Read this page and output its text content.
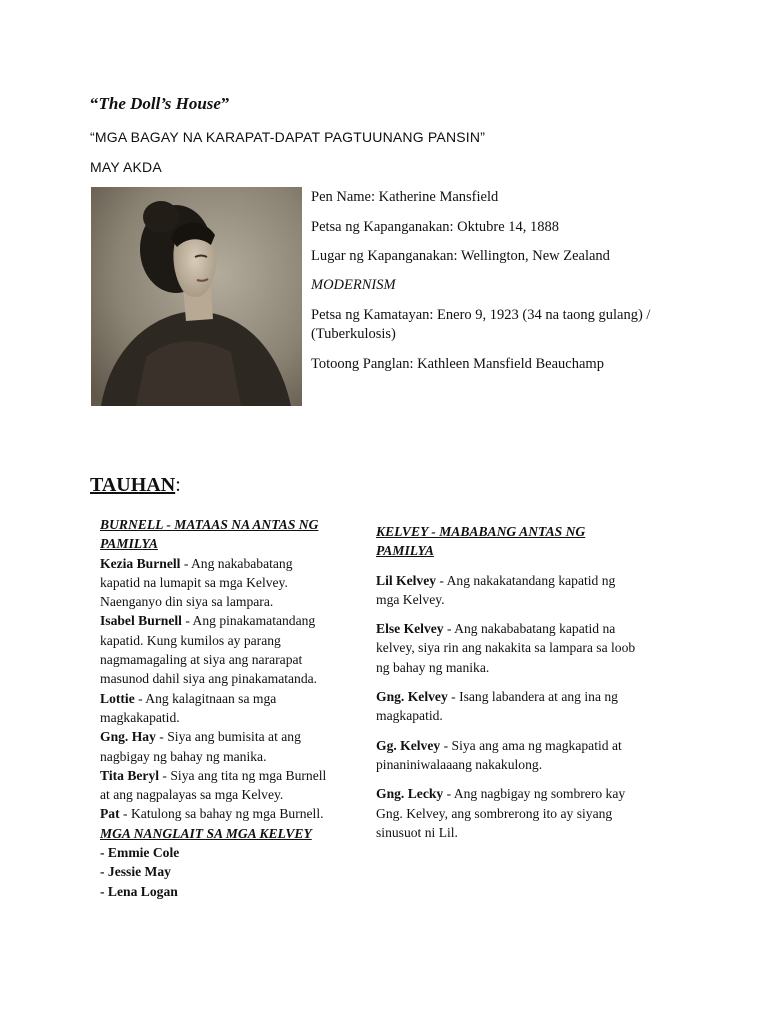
“The Doll’s House”
“MGA BAGAY NA KARAPAT-DAPAT PAGTUUNANG PANSIN”
MAY AKDA
Pen Name: Katherine Mansfield
Petsa ng Kapanganakan: Oktubre 14, 1888
Lugar ng Kapanganakan: Wellington, New Zealand
MODERNISM
Petsa ng Kamatayan: Enero 9, 1923 (34 na taong gulang) /
(Tuberkulosis)
Totoong Panglan: Kathleen Mansfield Beauchamp
TAUHAN:
BURNELL - MATAAS NA ANTAS NG
PAMILYA
Kezia Burnell - Ang nakababatang
kapatid na lumapit sa mga Kelvey.
Naenganyo din siya sa lampara.
Isabel Burnell - Ang pinakamatandang
kapatid. Kung kumilos ay parang
nagmamagaling at siya ang nararapat
masunod dahil siya ang pinakamatanda.
Lottie - Ang kalagitnaan sa mga
magkakapatid.
Gng. Hay - Siya ang bumisita at ang
nagbigay ng bahay ng manika.
Tita Beryl - Siya ang tita ng mga Burnell
at ang nagpalayas sa mga Kelvey.
Pat - Katulong sa bahay ng mga Burnell.
MGA NANGLAIT SA MGA KELVEY
- Emmie Cole
- Jessie May
- Lena Logan
KELVEY - MABABANG ANTAS NG
PAMILYA
Lil Kelvey - Ang nakakatandang kapatid ng
mga Kelvey.
Else Kelvey - Ang nakababatang kapatid na
kelvey, siya rin ang nakakita sa lampara sa loob
ng bahay ng manika.
Gng. Kelvey - Isang labandera at ang ina ng
magkapatid.
Gg. Kelvey - Siya ang ama ng magkapatid at
pinaniniwalaaang nakakulong.
Gng. Lecky - Ang nagbigay ng sombrero kay
Gng. Kelvey, ang sombrerong ito ay siyang
sinusuot ni Lil.
